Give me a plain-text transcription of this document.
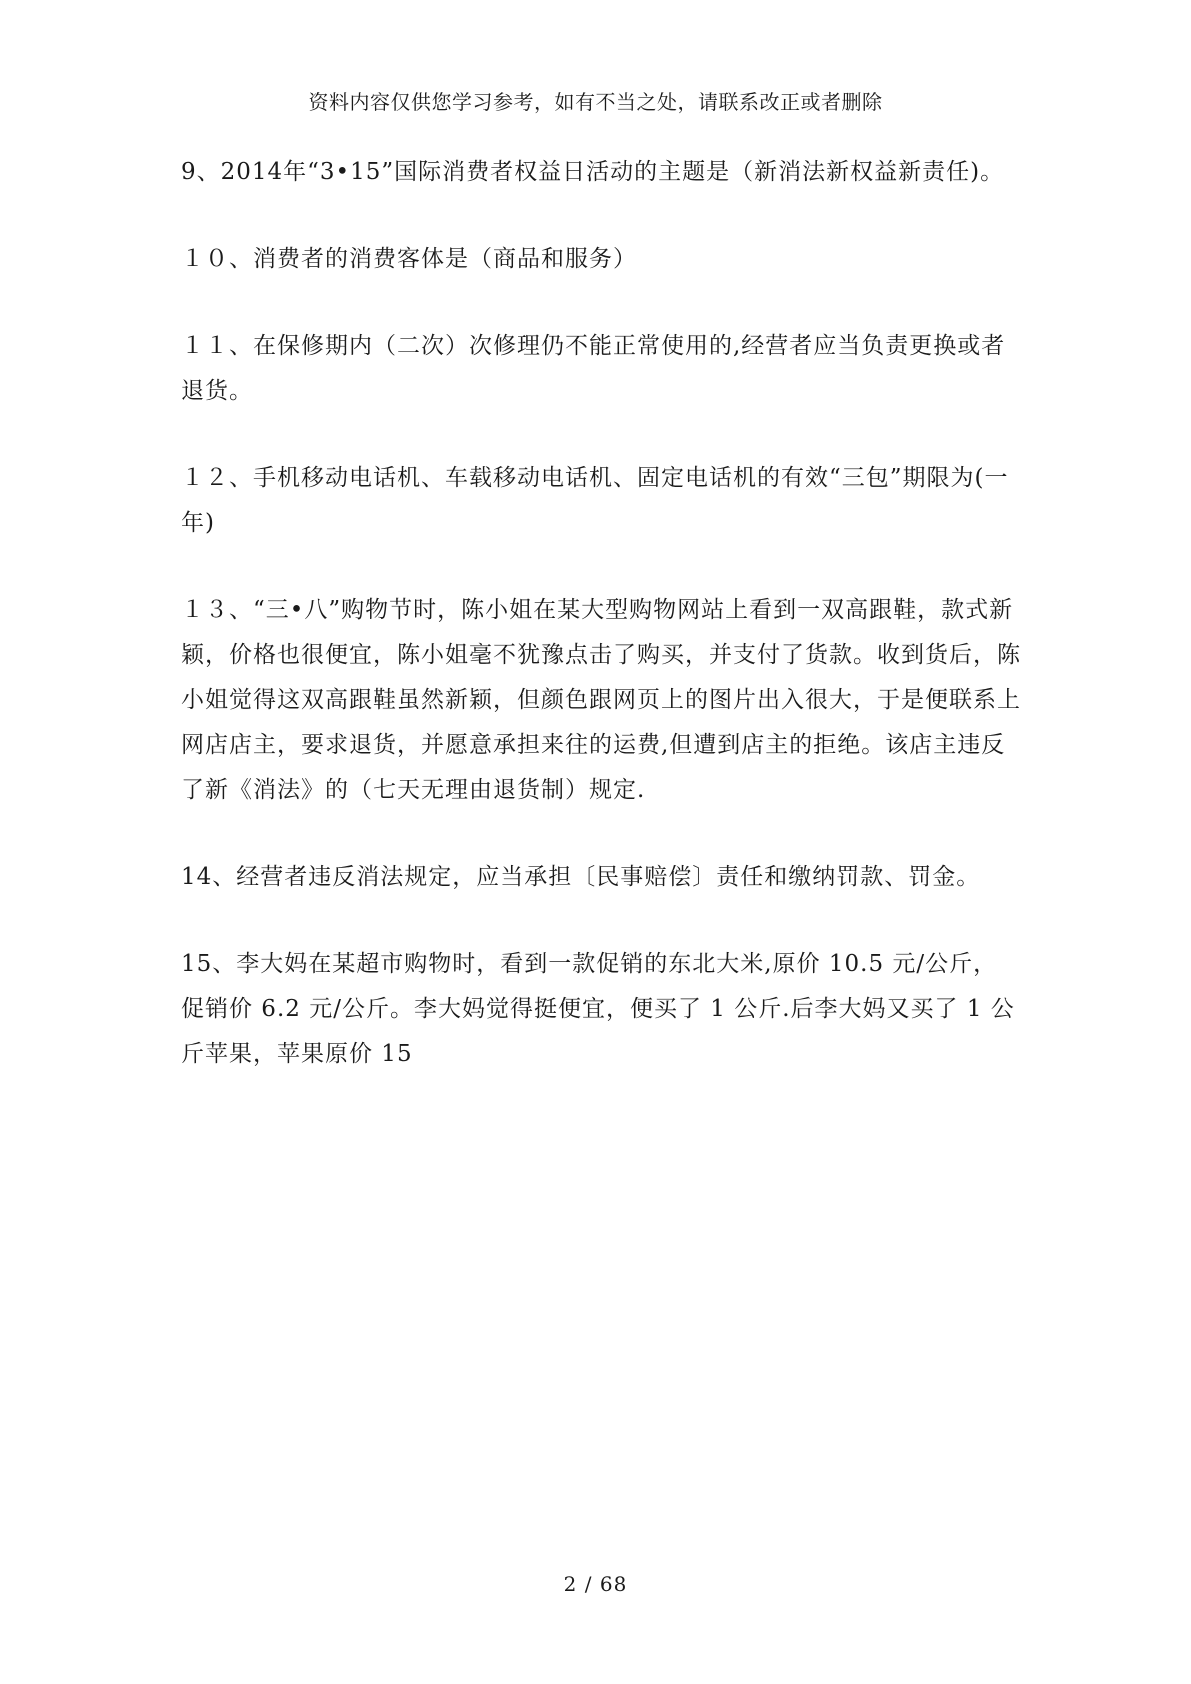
资料内容仅供您学习参考，如有不当之处，请联系改正或者删除

9、2014年“3•15”国际消费者权益日活动的主题是（新消法新权益新责任)。

１０、消费者的消费客体是（商品和服务）

１１、在保修期内（二次）次修理仍不能正常使用的,经营者应当负责更换或者退货。

１２、手机移动电话机、车载移动电话机、固定电话机的有效“三包”期限为(一年)

１３、“三•八”购物节时，陈小姐在某大型购物网站上看到一双高跟鞋，款式新颖，价格也很便宜，陈小姐毫不犹豫点击了购买，并支付了货款。收到货后，陈小姐觉得这双高跟鞋虽然新颖，但颜色跟网页上的图片出入很大，于是便联系上网店店主，要求退货，并愿意承担来往的运费,但遭到店主的拒绝。该店主违反了新《消法》的（七天无理由退货制）规定.

14、经营者违反消法规定，应当承担〔民事赔偿〕责任和缴纳罚款、罚金。

15、李大妈在某超市购物时，看到一款促销的东北大米,原价 10.5 元/公斤，促销价 6.2 元/公斤。李大妈觉得挺便宜，便买了 1 公斤.后李大妈又买了 1 公斤苹果，苹果原价 15

2 / 68
